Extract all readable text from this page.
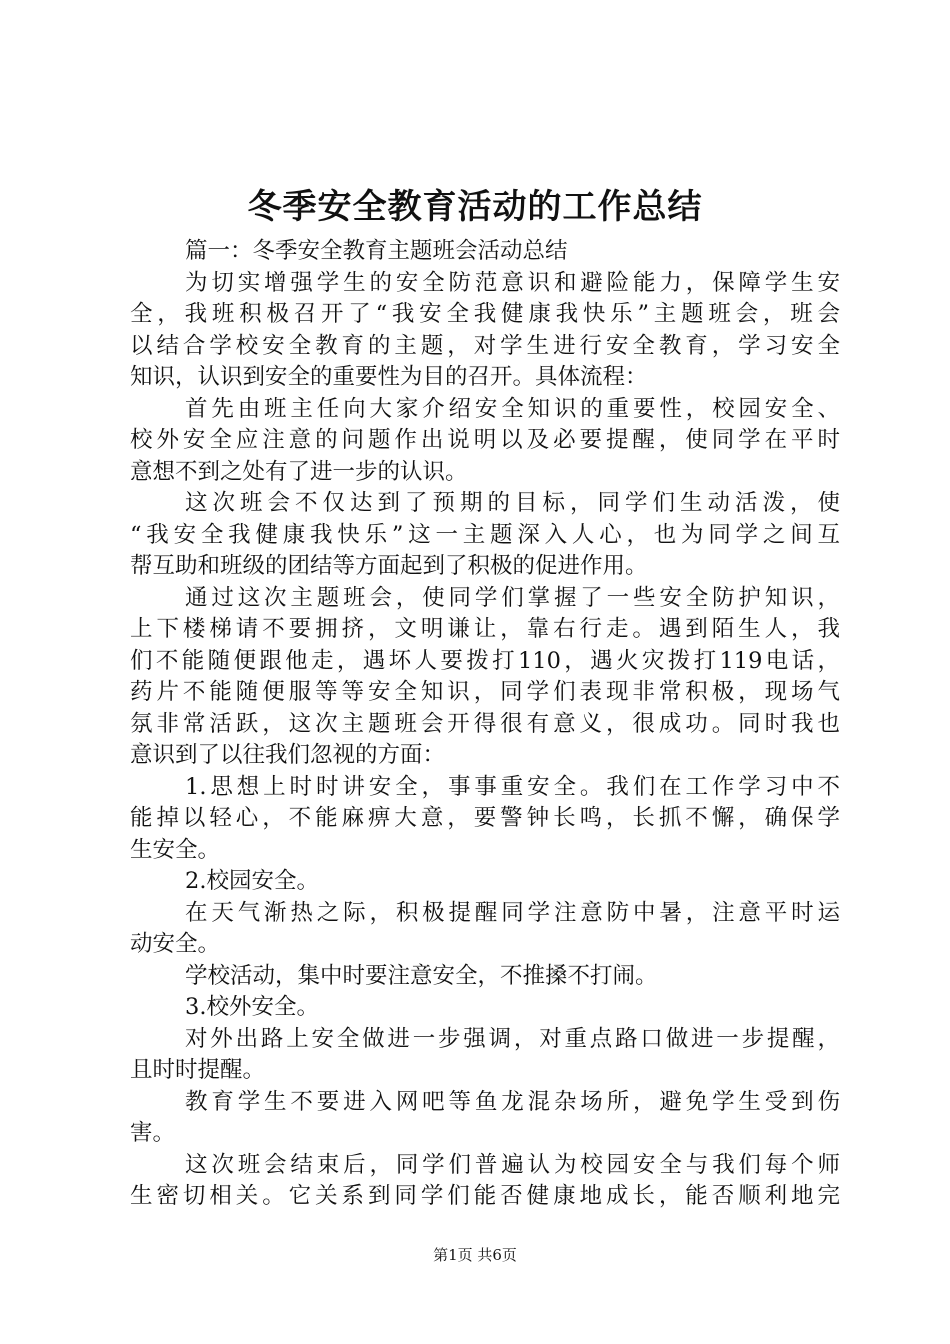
冬季安全教育活动的工作总结
篇一：冬季安全教育主题班会活动总结
为切实增强学生的安全防范意识和避险能力，保障学生安
全，我班积极召开了“我安全我健康我快乐”主题班会，班会
以结合学校安全教育的主题，对学生进行安全教育，学习安全
知识，认识到安全的重要性为目的召开。具体流程：
首先由班主任向大家介绍安全知识的重要性，校园安全、
校外安全应注意的问题作出说明以及必要提醒，使同学在平时
意想不到之处有了进一步的认识。
这次班会不仅达到了预期的目标，同学们生动活泼，使
“我安全我健康我快乐”这一主题深入人心，也为同学之间互
帮互助和班级的团结等方面起到了积极的促进作用。
通过这次主题班会，使同学们掌握了一些安全防护知识，
上下楼梯请不要拥挤，文明谦让，靠右行走。遇到陌生人，我
们不能随便跟他走，遇坏人要拨打110，遇火灾拨打119电话，
药片不能随便服等等安全知识，同学们表现非常积极，现场气
氛非常活跃，这次主题班会开得很有意义，很成功。同时我也
意识到了以往我们忽视的方面：
1.思想上时时讲安全，事事重安全。我们在工作学习中不
能掉以轻心，不能麻痹大意，要警钟长鸣，长抓不懈，确保学
生安全。
2.校园安全。
在天气渐热之际，积极提醒同学注意防中暑，注意平时运
动安全。
学校活动，集中时要注意安全，不推搡不打闹。
3.校外安全。
对外出路上安全做进一步强调，对重点路口做进一步提醒，
且时时提醒。
教育学生不要进入网吧等鱼龙混杂场所，避免学生受到伤
害。
这次班会结束后，同学们普遍认为校园安全与我们每个师
生密切相关。它关系到同学们能否健康地成长，能否顺利地完
第1页 共6页
